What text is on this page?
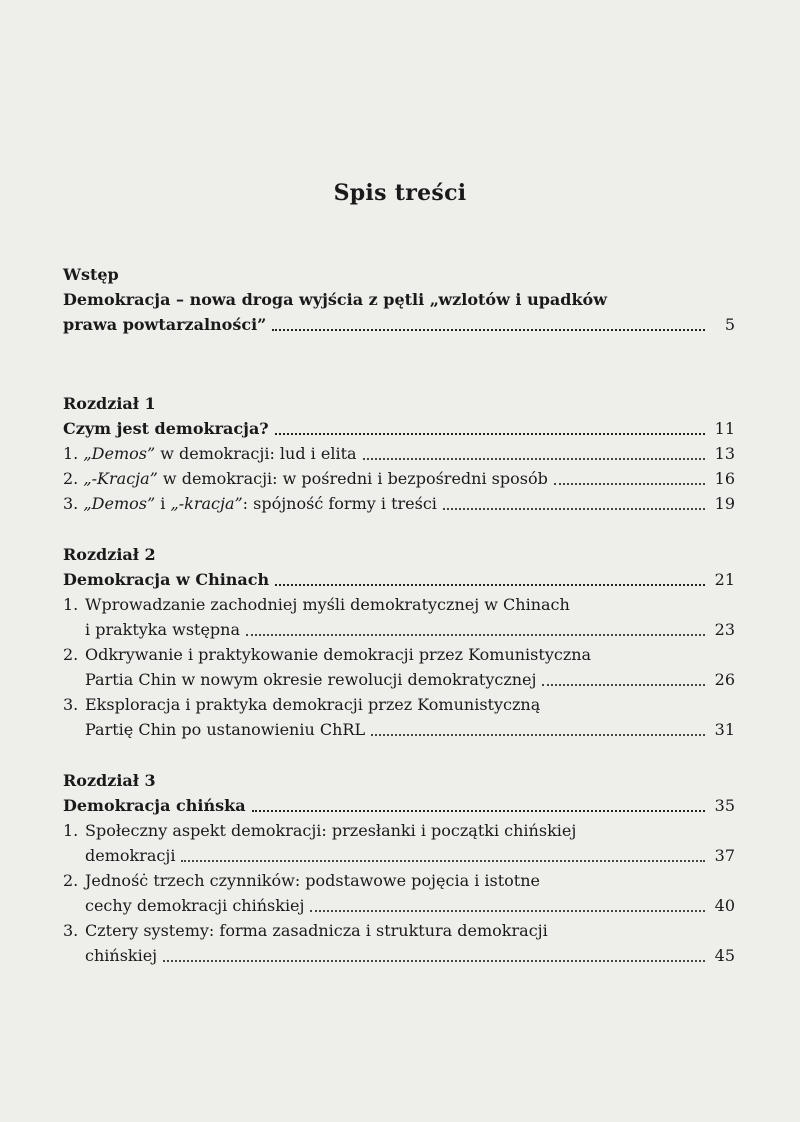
Spis treści
Wstęp
Demokracja – nowa droga wyjścia z pętli „wzlotów i upadków
prawa powtarzalności”	5
Rozdział 1
Czym jest demokracja?	11
1. „Demos” w demokracji: lud i elita	13
2. „-Kracja” w demokracji: w pośredni i bezpośredni sposób	16
3. „Demos” i „-kracja”: spójność formy i treści	19
Rozdział 2
Demokracja w Chinach	21
1. Wprowadzanie zachodniej myśli demokratycznej w Chinach
i praktyka wstępna	23
2. Odkrywanie i praktykowanie demokracji przez Komunistyczna
Partia Chin w nowym okresie rewolucji demokratycznej	26
3. Eksploracja i praktyka demokracji przez Komunistyczną
Partię Chin po ustanowieniu ChRL	31
Rozdział 3
Demokracja chińska	35
1. Społeczny aspekt demokracji: przesłanki i początki chińskiej
demokracji	37
2. Jednośċ trzech czynników: podstawowe pojęcia i istotne
cechy demokracji chińskiej	40
3. Cztery systemy: forma zasadnicza i struktura demokracji
chińskiej	45
